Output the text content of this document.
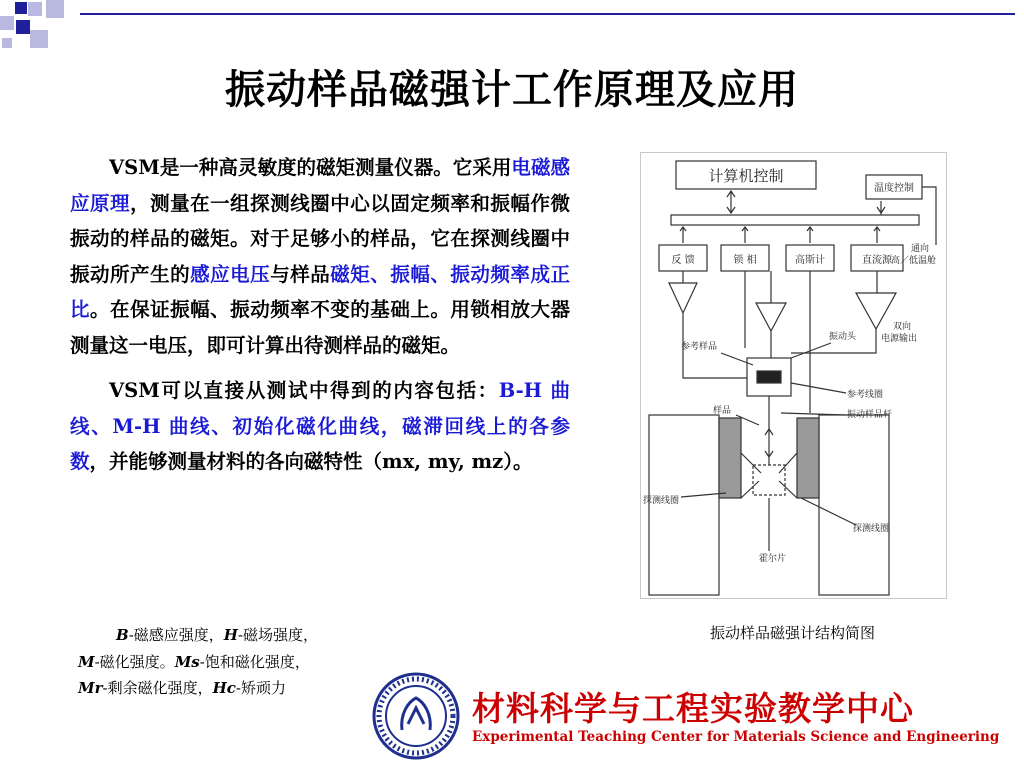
振动样品磁强计工作原理及应用

VSM是一种高灵敏度的磁矩测量仪器。它采用电磁感应原理，测量在一组探测线圈中心以固定频率和振幅作微振动的样品的磁矩。对于足够小的样品，它在探测线圈中振动所产生的感应电压与样品磁矩、振幅、振动频率成正比。在保证振幅、振动频率不变的基础上。用锁相放大器测量这一电压，即可计算出待测样品的磁矩。

VSM可以直接从测试中得到的内容包括：B-H 曲线、M-H 曲线、初始化磁化曲线，磁滞回线上的各参数，并能够测量材料的各向磁特性（mx, my, mz）。

B-磁感应强度，H-磁场强度，
M-磁化强度。Ms-饱和磁化强度，
Mr-剩余磁化强度，Hc-矫顽力
计算机控制
温度控制
反 馈	锁 相	高斯计	直流源
通向
高／低温舱
参考样品
振动头
双向
电源输出
参考线圈
样品	振动样品杆
探测线圈
探测线圈
霍尔片
振动样品磁强计结构简图
材料科学与工程实验教学中心
Experimental Teaching Center for Materials Science and Engineering
